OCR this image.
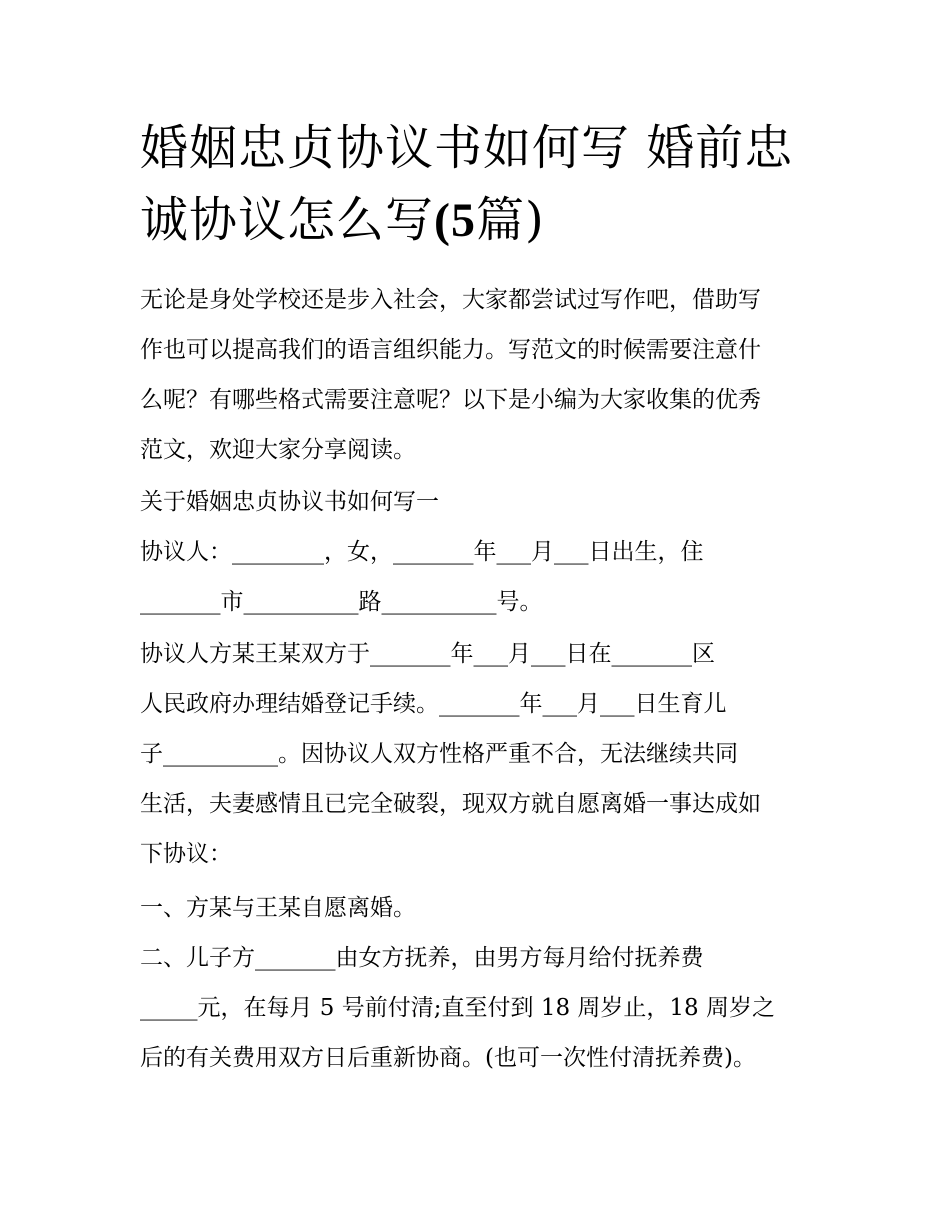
婚姻忠贞协议书如何写 婚前忠
诚协议怎么写(5篇)
无论是身处学校还是步入社会，大家都尝试过写作吧，借助写
作也可以提高我们的语言组织能力。写范文的时候需要注意什
么呢？有哪些格式需要注意呢？以下是小编为大家收集的优秀
范文，欢迎大家分享阅读。
关于婚姻忠贞协议书如何写一
协议人：________，女，_______年___月___日出生，住
_______市__________路__________号。
协议人方某王某双方于_______年___月___日在_______区
人民政府办理结婚登记手续。_______年___月___日生育儿
子__________。因协议人双方性格严重不合，无法继续共同
生活，夫妻感情且已完全破裂，现双方就自愿离婚一事达成如
下协议：
一、方某与王某自愿离婚。
二、儿子方_______由女方抚养，由男方每月给付抚养费
_____元，在每月 5 号前付清;直至付到 18 周岁止，18 周岁之
后的有关费用双方日后重新协商。(也可一次性付清抚养费)。
